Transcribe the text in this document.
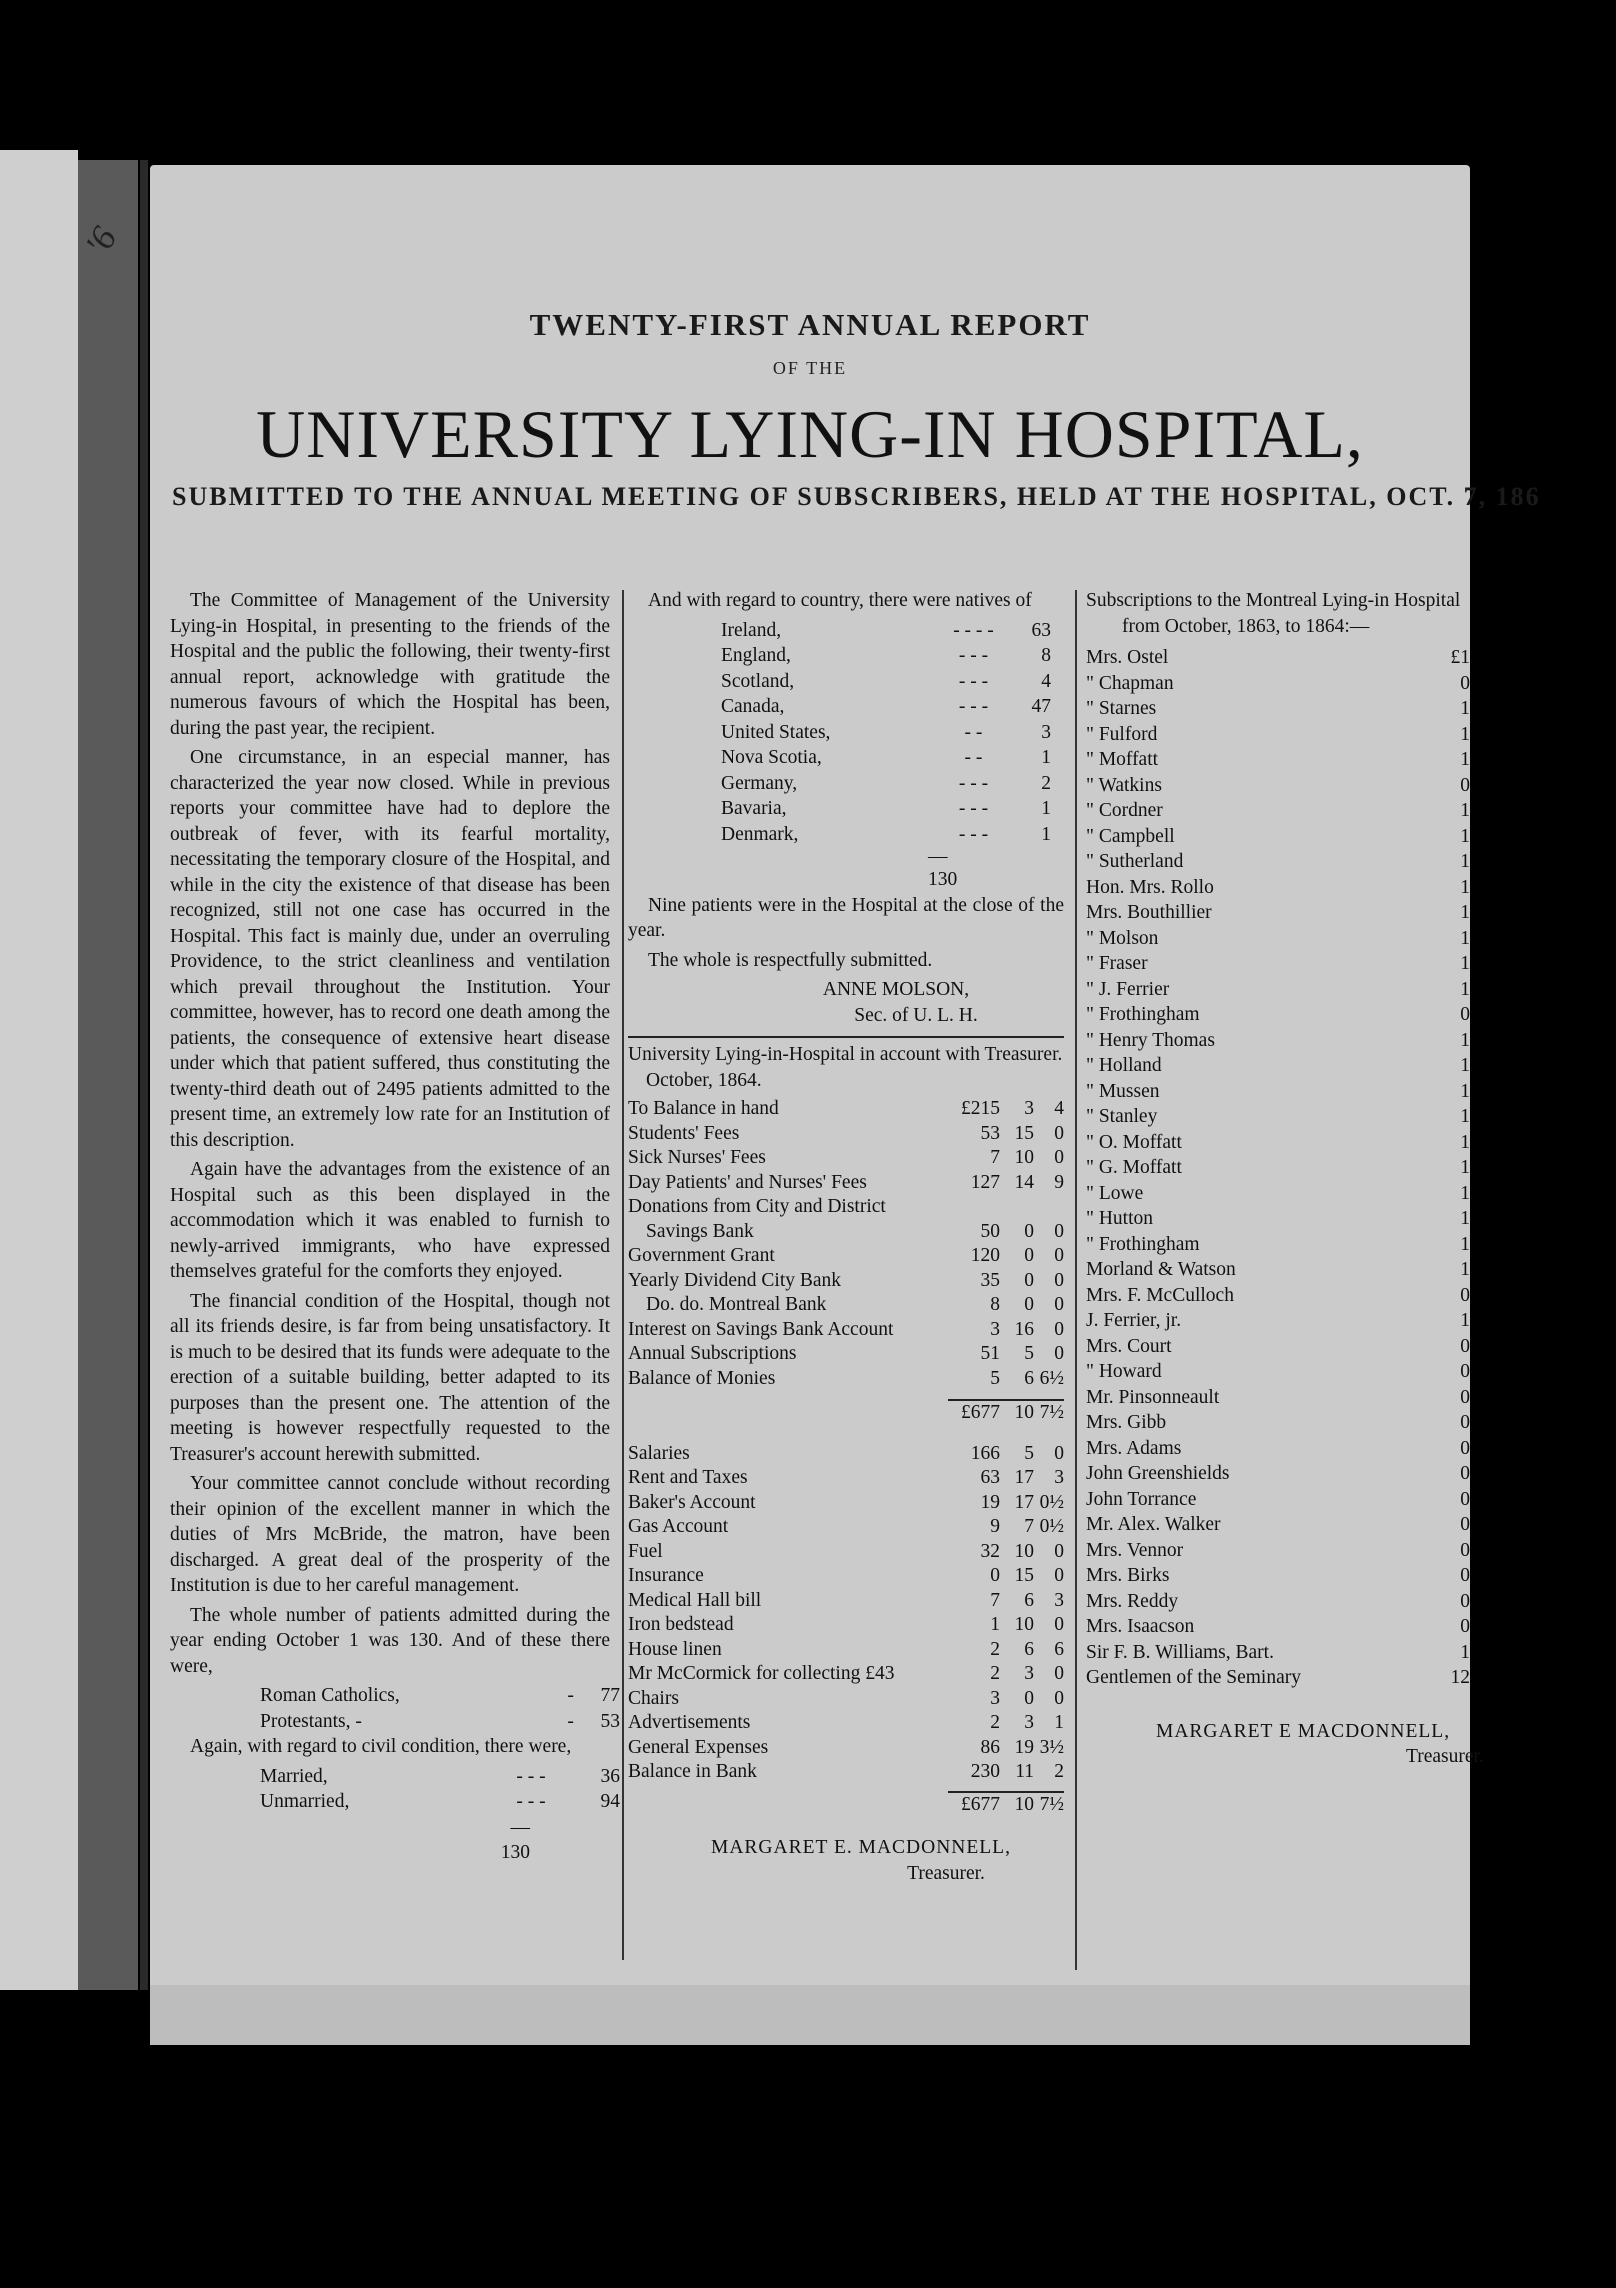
'6
TWENTY-FIRST ANNUAL REPORT
OF THE
UNIVERSITY LYING-IN HOSPITAL,
SUBMITTED TO THE ANNUAL MEETING OF SUBSCRIBERS, HELD AT THE HOSPITAL, OCT. 7, 186

The Committee of Management of the University Lying-in Hospital, in presenting to the friends of the Hospital and the public the following, their twenty-first annual report, acknowledge with gratitude the numerous favours of which the Hospital has been, during the past year, the recipient.

One circumstance, in an especial manner, has characterized the year now closed. While in previous reports your committee have had to deplore the outbreak of fever, with its fearful mortality, necessitating the temporary closure of the Hospital, and while in the city the existence of that disease has been recognized, still not one case has occurred in the Hospital. This fact is mainly due, under an overruling Providence, to the strict cleanliness and ventilation which prevail throughout the Institution. Your committee, however, has to record one death among the patients, the consequence of extensive heart disease under which that patient suffered, thus constituting the twenty-third death out of 2495 patients admitted to the present time, an extremely low rate for an Institution of this description.

Again have the advantages from the existence of an Hospital such as this been displayed in the accommodation which it was enabled to furnish to newly-arrived immigrants, who have expressed themselves grateful for the comforts they enjoyed.

The financial condition of the Hospital, though not all its friends desire, is far from being unsatisfactory. It is much to be desired that its funds were adequate to the erection of a suitable building, better adapted to its purposes than the present one. The attention of the meeting is however respectfully requested to the Treasurer's account herewith submitted.

Your committee cannot conclude without recording their opinion of the excellent manner in which the duties of Mrs McBride, the matron, have been discharged. A great deal of the prosperity of the Institution is due to her careful management.

The whole number of patients admitted during the year ending October 1 was 130. And of these there were,

Roman Catholics,	-	77
Protestants, -	-	53

Again, with regard to civil condition, there were,

Married,	- - -	36
Unmarried,	- - -	94
—
130

And with regard to country, there were natives of

Ireland,	- - - -	63
England,	- - -	8
Scotland,	- - -	4
Canada,	- - -	47
United States,	- -	3
Nova Scotia,	- -	1
Germany,	- - -	2
Bavaria,	- - -	1
Denmark,	- - -	1
—
130

Nine patients were in the Hospital at the close of the year.

The whole is respectfully submitted.

ANNE MOLSON,
Sec. of U. L. H.
University Lying-in-Hospital in account with Treasurer.
October, 1864.
To Balance in hand	£215	3	4
Students' Fees	53	15	0
Sick Nurses' Fees	7	10	0
Day Patients' and Nurses' Fees	127	14	9
Donations from City and District			
Savings Bank	50	0	0
Government Grant	120	0	0
Yearly Dividend City Bank	35	0	0
Do. do. Montreal Bank	8	0	0
Interest on Savings Bank Account	3	16	0
Annual Subscriptions	51	5	0
Balance of Monies	5	6	6½
	£677	10	7½
Salaries	166	5	0
Rent and Taxes	63	17	3
Baker's Account	19	17	0½
Gas Account	9	7	0½
Fuel	32	10	0
Insurance	0	15	0
Medical Hall bill	7	6	3
Iron bedstead	1	10	0
House linen	2	6	6
Mr McCormick for collecting £43	2	3	0
Chairs	3	0	0
Advertisements	2	3	1
General Expenses	86	19	3½
Balance in Bank	230	11	2
	£677	10	7½
MARGARET E. MACDONNELL,
Treasurer.
Subscriptions to the Montreal Lying-in Hospital
from October, 1863, to 1864:—
Mrs. Ostel	£1
" Chapman	0
" Starnes	1
" Fulford	1
" Moffatt	1
" Watkins	0
" Cordner	1
" Campbell	1
" Sutherland	1
Hon. Mrs. Rollo	1
Mrs. Bouthillier	1
" Molson	1
" Fraser	1
" J. Ferrier	1
" Frothingham	0
" Henry Thomas	1
" Holland	1
" Mussen	1
" Stanley	1
" O. Moffatt	1
" G. Moffatt	1
" Lowe	1
" Hutton	1
" Frothingham	1
Morland & Watson	1
Mrs. F. McCulloch	0
J. Ferrier, jr.	1
Mrs. Court	0
" Howard	0
Mr. Pinsonneault	0
Mrs. Gibb	0
Mrs. Adams	0
John Greenshields	0
John Torrance	0
Mr. Alex. Walker	0
Mrs. Vennor	0
Mrs. Birks	0
Mrs. Reddy	0
Mrs. Isaacson	0
Sir F. B. Williams, Bart.	1
Gentlemen of the Seminary	12
MARGARET E MACDONNELL,
Treasurer.
